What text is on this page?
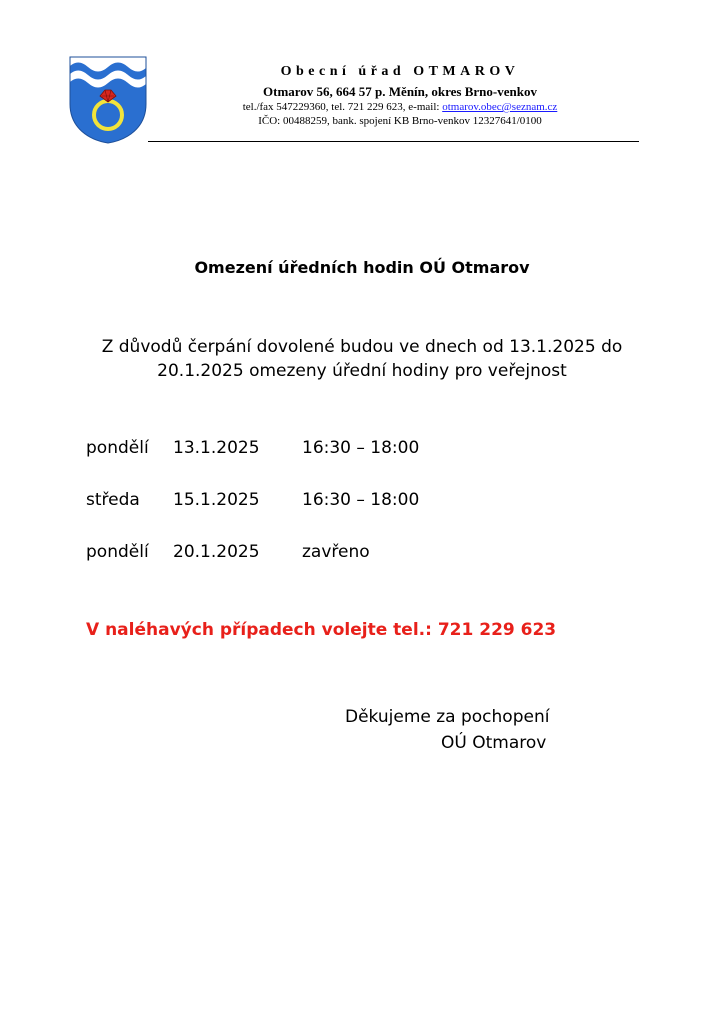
Obecní úřad OTMAROV
Otmarov 56, 664 57 p. Měnín, okres Brno-venkov
tel./fax 547229360, tel. 721 229 623, e-mail: otmarov.obec@seznam.cz
IČO: 00488259, bank. spojení KB Brno-venkov 12327641/0100
Omezení úředních hodin OÚ Otmarov
Z důvodů čerpání dovolené budou ve dnech od 13.1.2025 do
20.1.2025 omezeny úřední hodiny pro veřejnost
pondělí 13.1.2025 16:30 – 18:00
středa 15.1.2025 16:30 – 18:00
pondělí 20.1.2025 zavřeno
V naléhavých případech volejte tel.: 721 229 623
Děkujeme za pochopení
OÚ Otmarov
